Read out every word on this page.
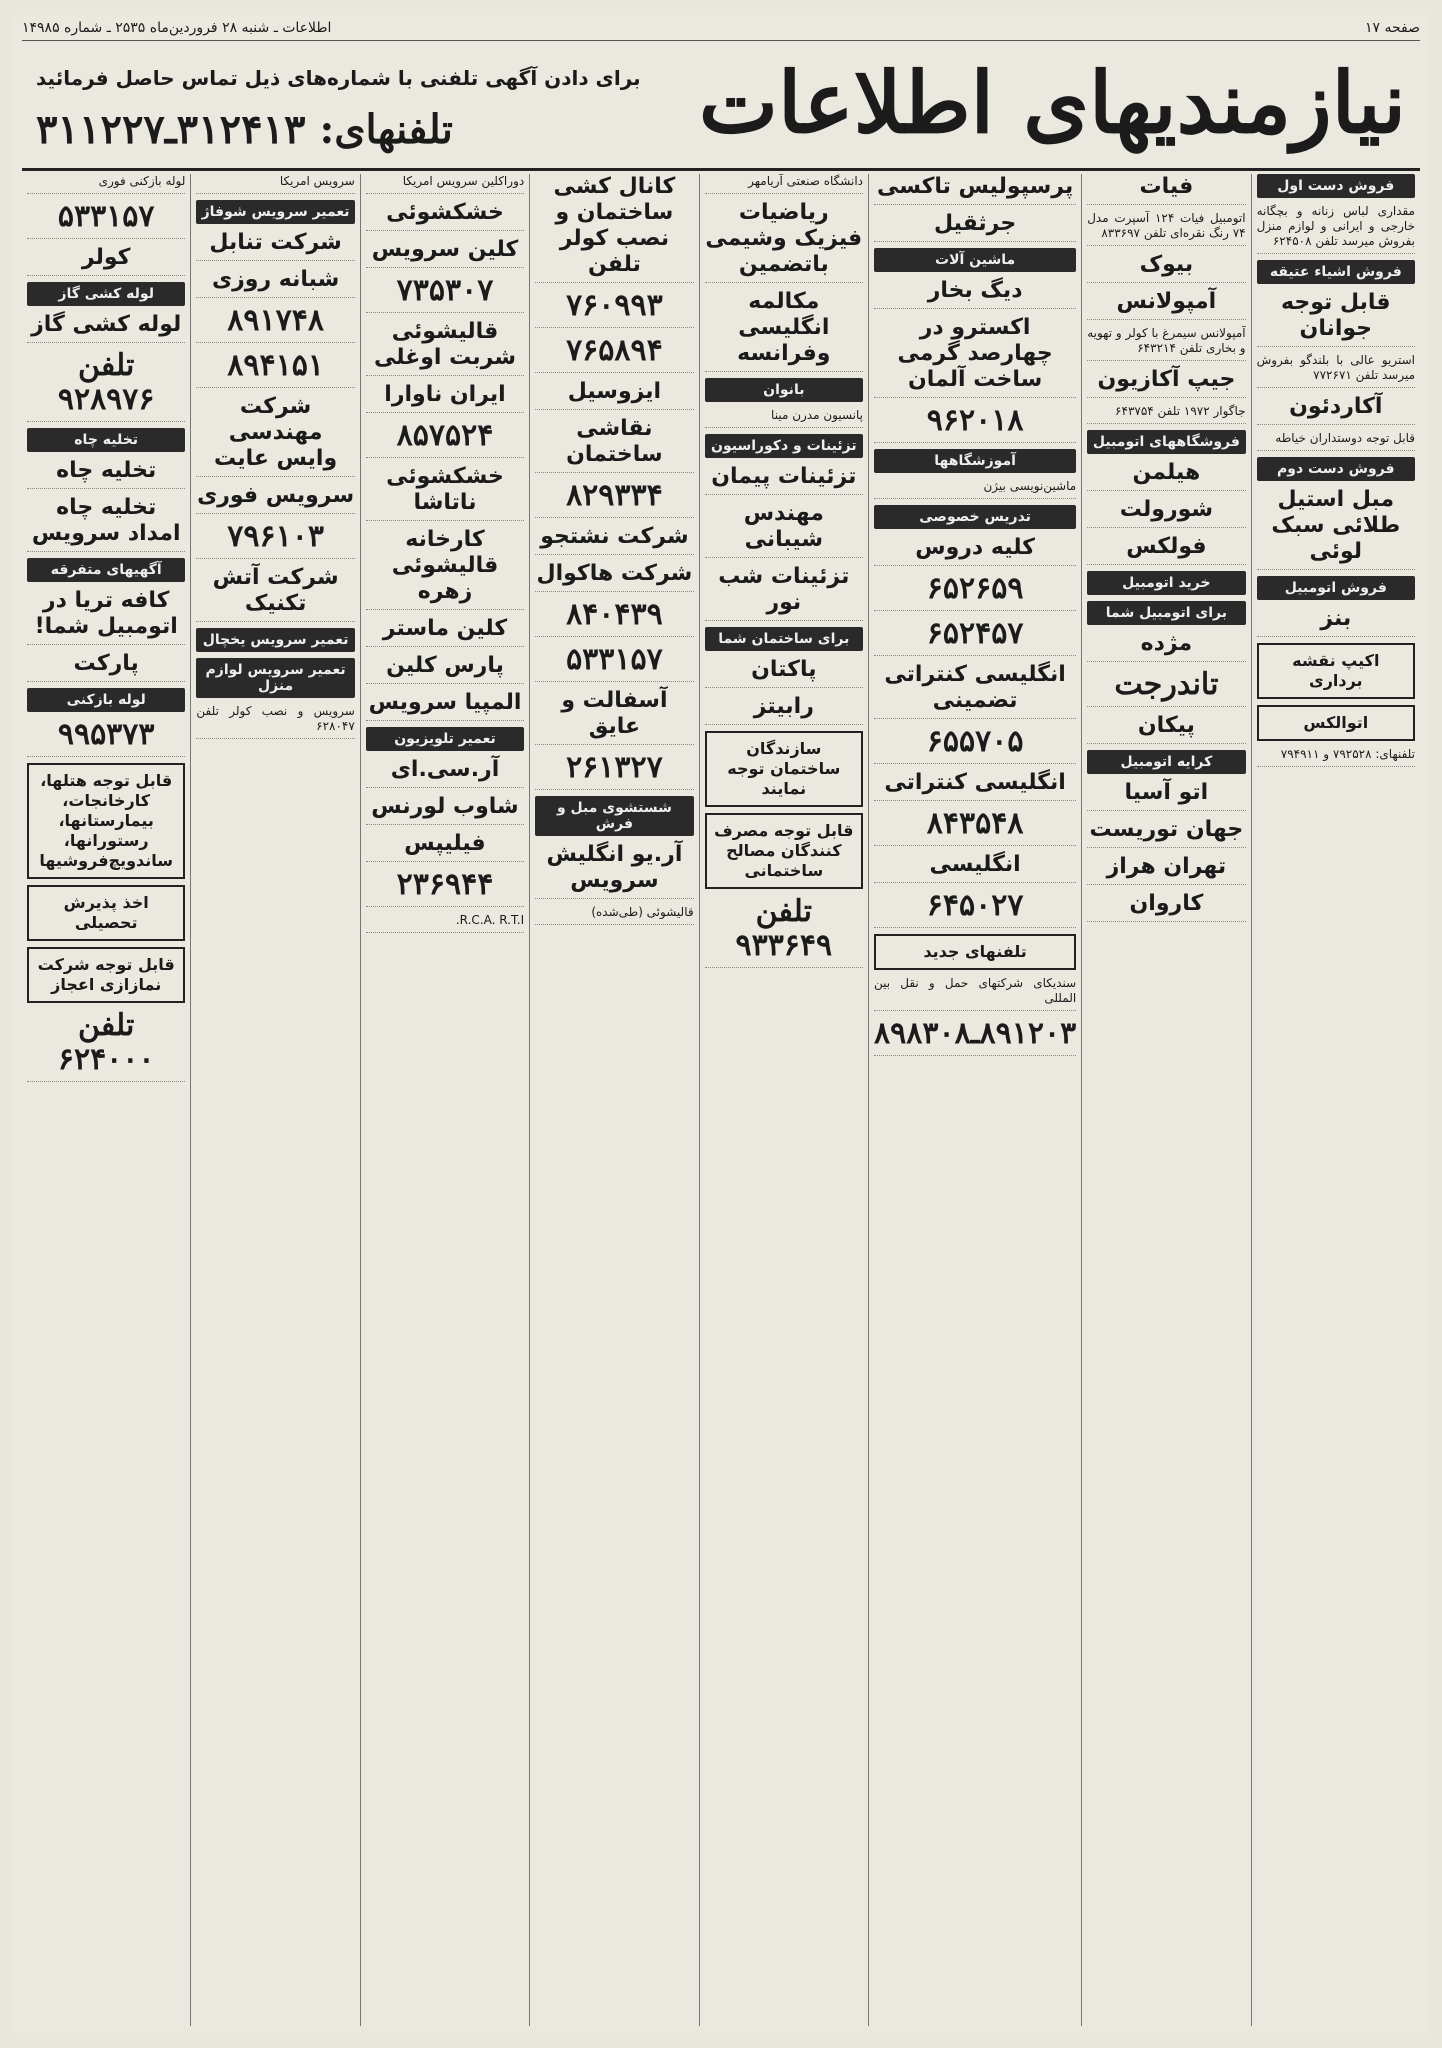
صفحه ۱۷
اطلاعات ـ شنبه ۲۸ فروردین‌ماه ۲۵۳۵ ـ شماره ۱۴۹۸۵
نیازمندیهای اطلاعات
برای دادن آگهی تلفنی با شماره‌های ذیل تماس حاصل فرمائید
تلفنهای: ۳۱۲۴۱۳ـ۳۱۱۲۲۷
فروش دست اول
مقداری لباس زنانه و بچگانه خارجی و ایرانی و لوازم منزل بفروش میرسد تلفن ۶۲۴۵۰۸
فروش اشیاء عتیقه
قابل توجه جوانان
استریو عالی با بلندگو بفروش میرسد تلفن ۷۷۲۶۷۱
آکاردئون
قابل توجه دوستداران خیاطه
فروش دست دوم
مبل استیل طلائی سبک لوئی
فروش اتومبیل
بنز
اکیپ نقشه برداری
اتوالکس
تلفنهای: ۷۹۲۵۲۸ و ۷۹۴۹۱۱
فیات
اتومبیل فیات ۱۲۴ آسپرت مدل ۷۴ رنگ نقره‌ای تلفن ۸۳۳۶۹۷
بیوک
آمپولانس
آمپولانس سیمرغ با کولر و تهویه و بخاری تلفن ۶۴۳۲۱۴
جیپ آکازیون
جاگوار ۱۹۷۲ تلفن ۶۴۳۷۵۴
فروشگاههای اتومبیل
هیلمن
شورولت
فولکس
خرید اتومبیل
برای اتومبیل شما
مژده
تاندرجت
پیکان
کرایه اتومبیل
اتو آسیا
جهان توریست
تهران هراز
کاروان
پرسپولیس تاکسی
جرثقیل
ماشین آلات
دیگ بخار
اکسترو در چهارصد گرمی ساخت آلمان
۹۶۲۰۱۸
آموزشگاهها
ماشین‌نویسی بیژن
تدریس خصوصی
کلیه دروس
۶۵۲۶۵۹
۶۵۲۴۵۷
انگلیسی کنتراتی تضمینی
۶۵۵۷۰۵
انگلیسی کنتراتی
۸۴۳۵۴۸
انگلیسی
۶۴۵۰۲۷
تلفنهای جدید
سندیکای شرکتهای حمل و نقل بین المللی
۸۹۱۲۰۳ـ۸۹۸۳۰۸
دانشگاه صنعتی آریامهر
ریاضیات فیزیک وشیمی باتضمین
مکالمه انگلیسی وفرانسه
بانوان
پانسیون مدرن مینا
تزئینات و دکوراسیون
تزئینات پیمان
مهندس شیبانی
تزئینات شب نور
برای ساختمان شما
پاکتان
رابیتز
سازندگان ساختمان توجه نمایند
قابل توجه مصرف کنندگان مصالح ساختمانی
تلفن ۹۳۳۶۴۹
کانال کشی ساختمان و نصب کولر تلفن
۷۶۰۹۹۳
۷۶۵۸۹۴
ایزوسیل
نقاشی ساختمان
۸۲۹۳۳۴
شرکت نشتجو
شرکت هاکوال
۸۴۰۴۳۹
۵۳۳۱۵۷
آسفالت و عایق
۲۶۱۳۲۷
شستشوی مبل و فرش
آر.یو انگلیش سرویس
قالیشوئی (طی‌شده)
دوراکلین سرویس امریکا
خشکشوئی
کلین سرویس
۷۳۵۳۰۷
قالیشوئی شربت اوغلی
ایران ناوارا
۸۵۷۵۲۴
خشکشوئی ناتاشا
کارخانه قالیشوئی زهره
کلین ماستر
پارس کلین
المپیا سرویس
تعمیر تلویزیون
آر.سی.ای
شاوب لورنس
فیلیپس
۲۳۶۹۴۴
R.C.A. R.T.I.
سرویس امریکا
تعمیر سرویس شوفاژ
شرکت تنابل
شبانه روزی
۸۹۱۷۴۸
۸۹۴۱۵۱
شرکت مهندسی وایس عایت
سرویس فوری
۷۹۶۱۰۳
شرکت آتش تکنیک
تعمیر سرویس یخچال
تعمیر سرویس لوازم منزل
سرویس و نصب کولر تلفن ۶۲۸۰۴۷
لوله بازکنی فوری
۵۳۳۱۵۷
کولر
لوله کشی گاز
لوله کشی گاز
تلفن ۹۲۸۹۷۶
تخلیه چاه
تخلیه چاه
تخلیه چاه امداد سرویس
آگهیهای متفرقه
کافه تریا در اتومبیل شما!
پارکت
لوله بازکنی
۹۹۵۳۷۳
قابل توجه هتلها، کارخانجات، بیمارستانها، رستورانها، ساندویچ‌فروشیها
اخذ پذیرش تحصیلی
قابل توجه شرکت نمازازی اعجاز
تلفن ۶۲۴۰۰۰
